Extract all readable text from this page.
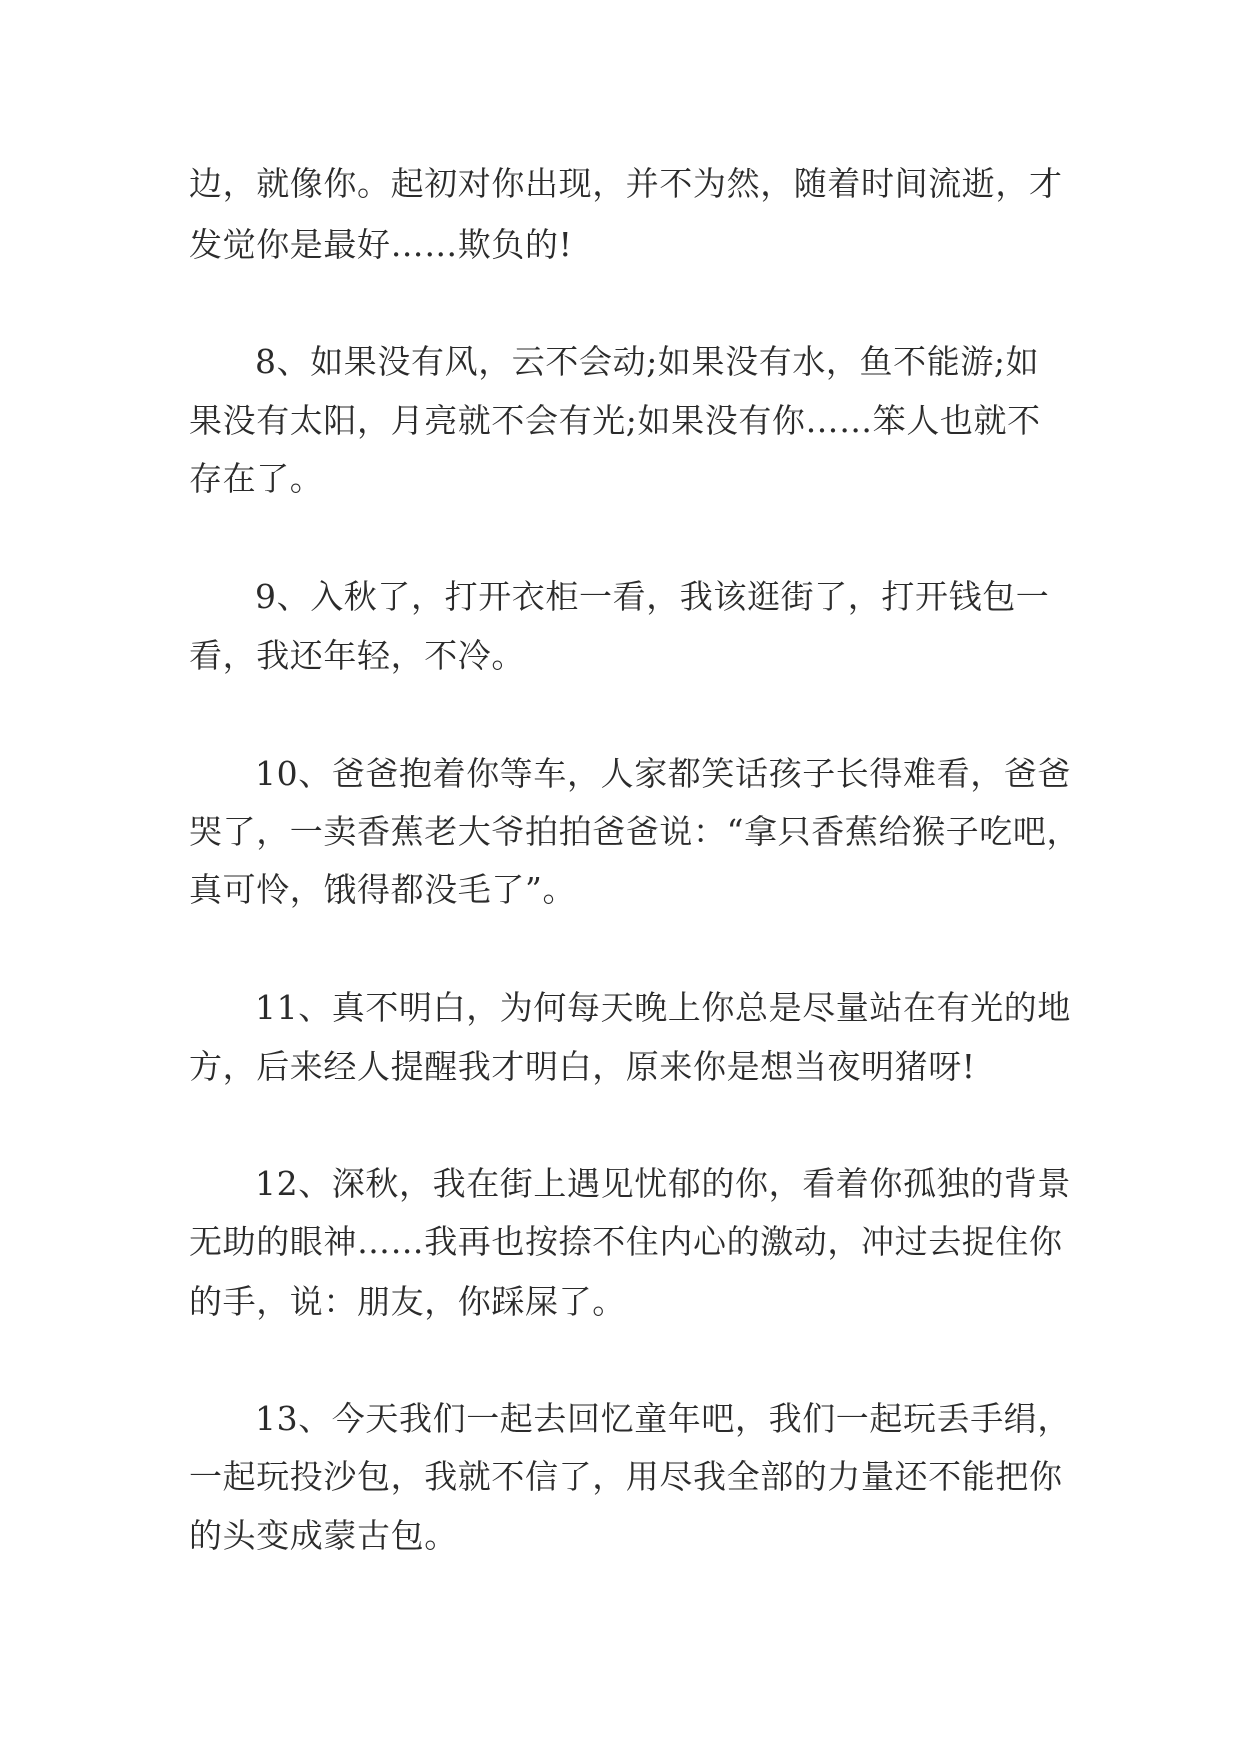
边，就像你。起初对你出现，并不为然，随着时间流逝，才
发觉你是最好……欺负的!
8、如果没有风，云不会动;如果没有水，鱼不能游;如
果没有太阳，月亮就不会有光;如果没有你……笨人也就不
存在了。
9、入秋了，打开衣柜一看，我该逛街了，打开钱包一
看，我还年轻，不冷。
10、爸爸抱着你等车，人家都笑话孩子长得难看，爸爸
哭了，一卖香蕉老大爷拍拍爸爸说：“拿只香蕉给猴子吃吧，
真可怜，饿得都没毛了”。
11、真不明白，为何每天晚上你总是尽量站在有光的地
方，后来经人提醒我才明白，原来你是想当夜明猪呀!
12、深秋，我在街上遇见忧郁的你，看着你孤独的背景
无助的眼神……我再也按捺不住内心的激动，冲过去捉住你
的手，说：朋友，你踩屎了。
13、今天我们一起去回忆童年吧，我们一起玩丢手绢，
一起玩投沙包，我就不信了，用尽我全部的力量还不能把你
的头变成蒙古包。
